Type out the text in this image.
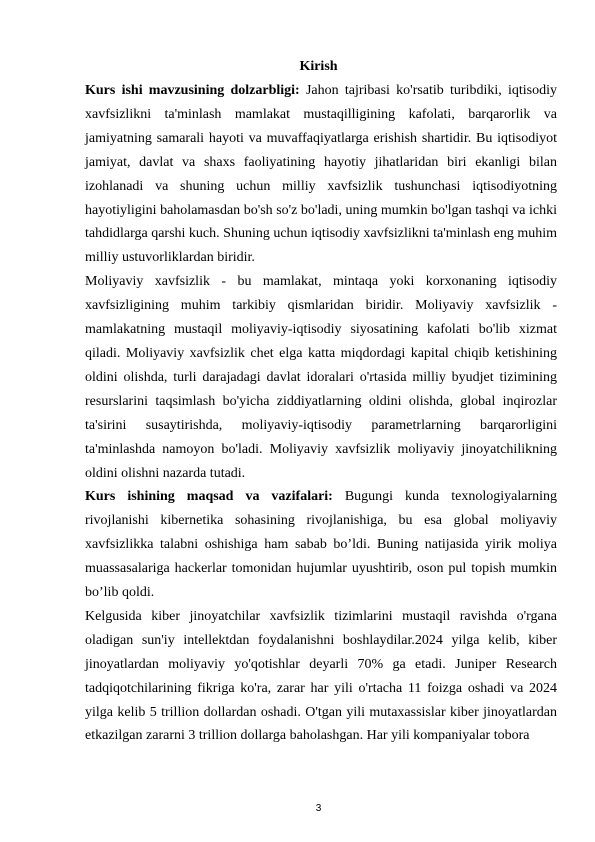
Kirish

Kurs ishi mavzusining dolzarbligi: Jahon tajribasi ko'rsatib turibdiki, iqtisodiy xavfsizlikni ta'minlash mamlakat mustaqilligining kafolati, barqarorlik va jamiyatning samarali hayoti va muvaffaqiyatlarga erishish shartidir. Bu iqtisodiyot jamiyat, davlat va shaxs faoliyatining hayotiy jihatlaridan biri ekanligi bilan izohlanadi va shuning uchun milliy xavfsizlik tushunchasi iqtisodiyotning hayotiyligini baholamasdan bo'sh so'z bo'ladi, uning mumkin bo'lgan tashqi va ichki tahdidlarga qarshi kuch. Shuning uchun iqtisodiy xavfsizlikni ta'minlash eng muhim milliy ustuvorliklardan biridir.

Moliyaviy xavfsizlik - bu mamlakat, mintaqa yoki korxonaning iqtisodiy xavfsizligining muhim tarkibiy qismlaridan biridir. Moliyaviy xavfsizlik - mamlakatning mustaqil moliyaviy-iqtisodiy siyosatining kafolati bo'lib xizmat qiladi. Moliyaviy xavfsizlik chet elga katta miqdordagi kapital chiqib ketishining oldini olishda, turli darajadagi davlat idoralari o'rtasida milliy byudjet tizimining resurslarini taqsimlash bo'yicha ziddiyatlarning oldini olishda, global inqirozlar ta'sirini susaytirishda, moliyaviy-iqtisodiy parametrlarning barqarorligini ta'minlashda namoyon bo'ladi. Moliyaviy xavfsizlik moliyaviy jinoyatchilikning oldini olishni nazarda tutadi.

Kurs ishining maqsad va vazifalari: Bugungi kunda texnologiyalarning rivojlanishi kibernetika sohasining rivojlanishiga, bu esa global moliyaviy xavfsizlikka talabni oshishiga ham sabab bo’ldi. Buning natijasida yirik moliya muassasalariga hackerlar tomonidan hujumlar uyushtirib, oson pul topish mumkin bo’lib qoldi.

Kelgusida kiber jinoyatchilar xavfsizlik tizimlarini mustaqil ravishda o'rgana oladigan sun'iy intellektdan foydalanishni boshlaydilar.2024 yilga kelib, kiber jinoyatlardan moliyaviy yo'qotishlar deyarli 70% ga etadi. Juniper Research tadqiqotchilarining fikriga ko'ra, zarar har yili o'rtacha 11 foizga oshadi va 2024 yilga kelib 5 trillion dollardan oshadi. O'tgan yili mutaxassislar kiber jinoyatlardan etkazilgan zararni 3 trillion dollarga baholashgan. Har yili kompaniyalar tobora

3
